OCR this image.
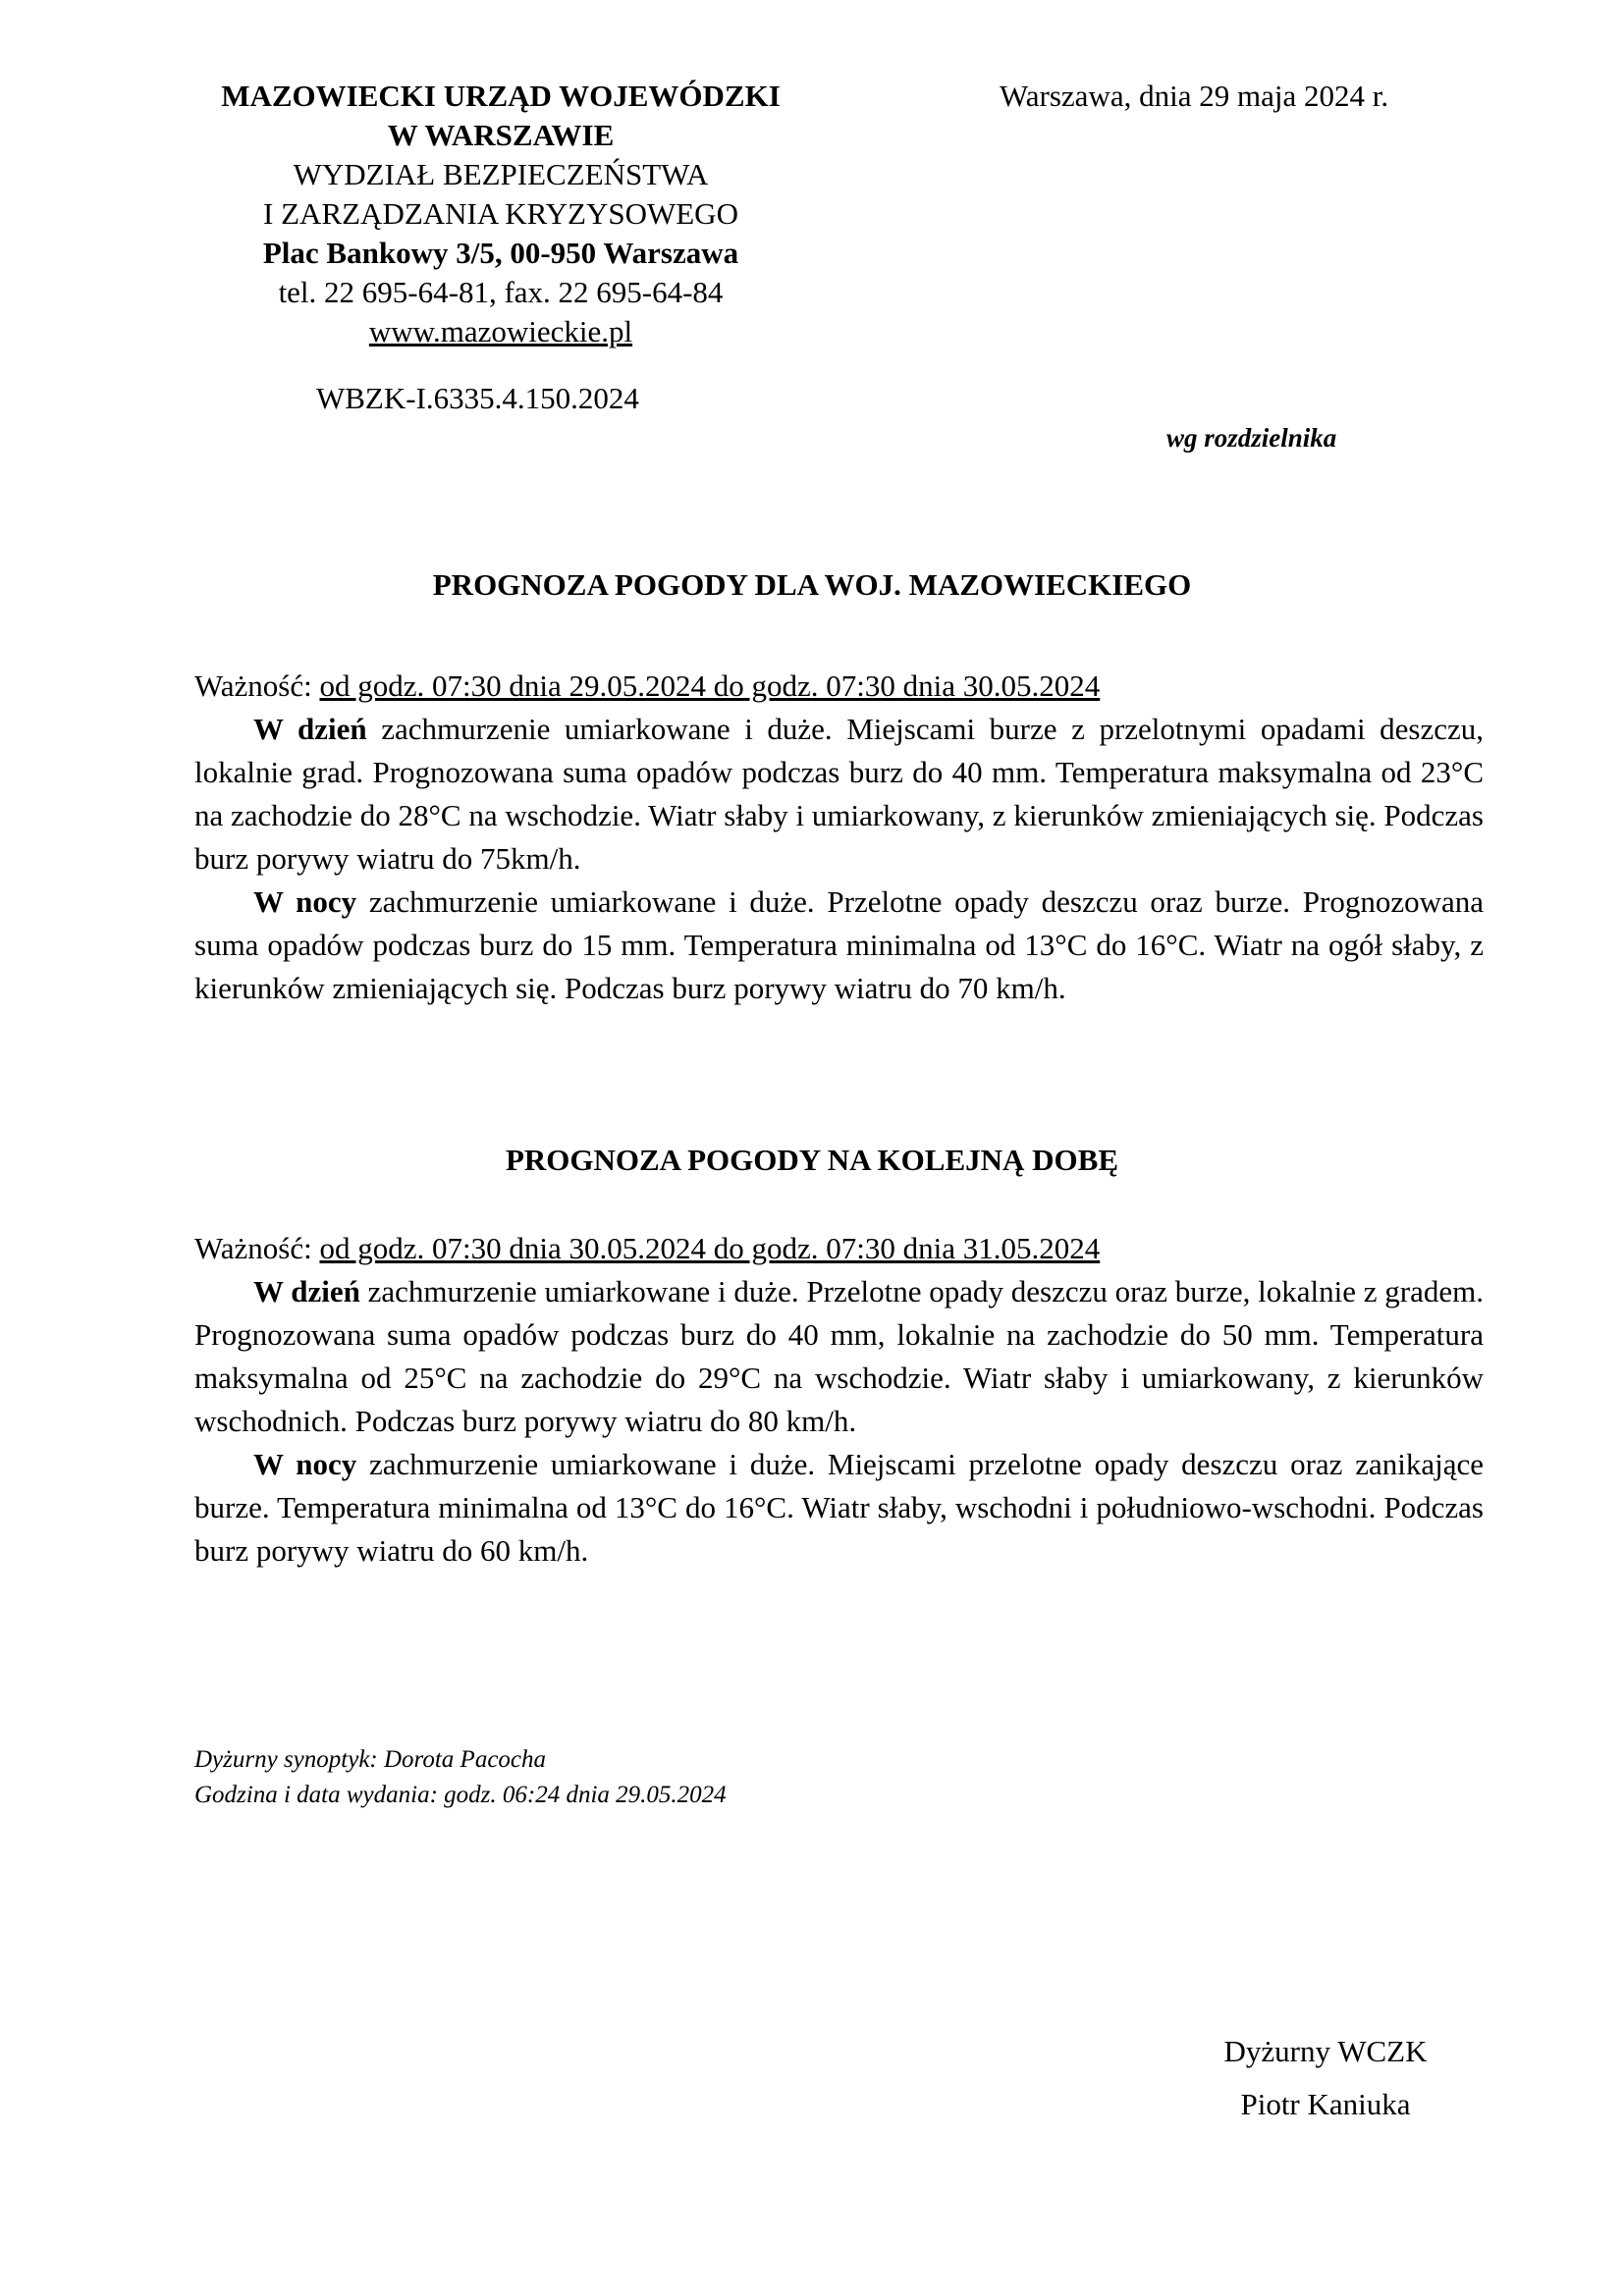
MAZOWIECKI URZĄD WOJEWÓDZKI
W WARSZAWIE
WYDZIAŁ BEZPIECZEŃSTWA
I ZARZĄDZANIA KRYZYSOWEGO
Plac Bankowy 3/5, 00-950 Warszawa
tel. 22 695-64-81, fax. 22 695-64-84
www.mazowieckie.pl
Warszawa, dnia 29 maja 2024 r.
WBZK-I.6335.4.150.2024
wg rozdzielnika
PROGNOZA POGODY DLA WOJ. MAZOWIECKIEGO
Ważność: od godz. 07:30 dnia 29.05.2024 do godz. 07:30 dnia 30.05.2024

W dzień zachmurzenie umiarkowane i duże. Miejscami burze z przelotnymi opadami deszczu, lokalnie grad. Prognozowana suma opadów podczas burz do 40 mm. Temperatura maksymalna od 23°C na zachodzie do 28°C na wschodzie. Wiatr słaby i umiarkowany, z kierunków zmieniających się. Podczas burz porywy wiatru do 75km/h.

W nocy zachmurzenie umiarkowane i duże. Przelotne opady deszczu oraz burze. Prognozowana suma opadów podczas burz do 15 mm. Temperatura minimalna od 13°C do 16°C. Wiatr na ogół słaby, z kierunków zmieniających się. Podczas burz porywy wiatru do 70 km/h.

PROGNOZA POGODY NA KOLEJNĄ DOBĘ
Ważność: od godz. 07:30 dnia 30.05.2024 do godz. 07:30 dnia 31.05.2024

W dzień zachmurzenie umiarkowane i duże. Przelotne opady deszczu oraz burze, lokalnie z gradem. Prognozowana suma opadów podczas burz do 40 mm, lokalnie na zachodzie do 50 mm. Temperatura maksymalna od 25°C na zachodzie do 29°C na wschodzie. Wiatr słaby i umiarkowany, z kierunków wschodnich. Podczas burz porywy wiatru do 80 km/h.

W nocy zachmurzenie umiarkowane i duże. Miejscami przelotne opady deszczu oraz zanikające burze. Temperatura minimalna od 13°C do 16°C. Wiatr słaby, wschodni i południowo-wschodni. Podczas burz porywy wiatru do 60 km/h.

Dyżurny synoptyk: Dorota Pacocha
Godzina i data wydania: godz. 06:24 dnia 29.05.2024
Dyżurny WCZK
Piotr Kaniuka
